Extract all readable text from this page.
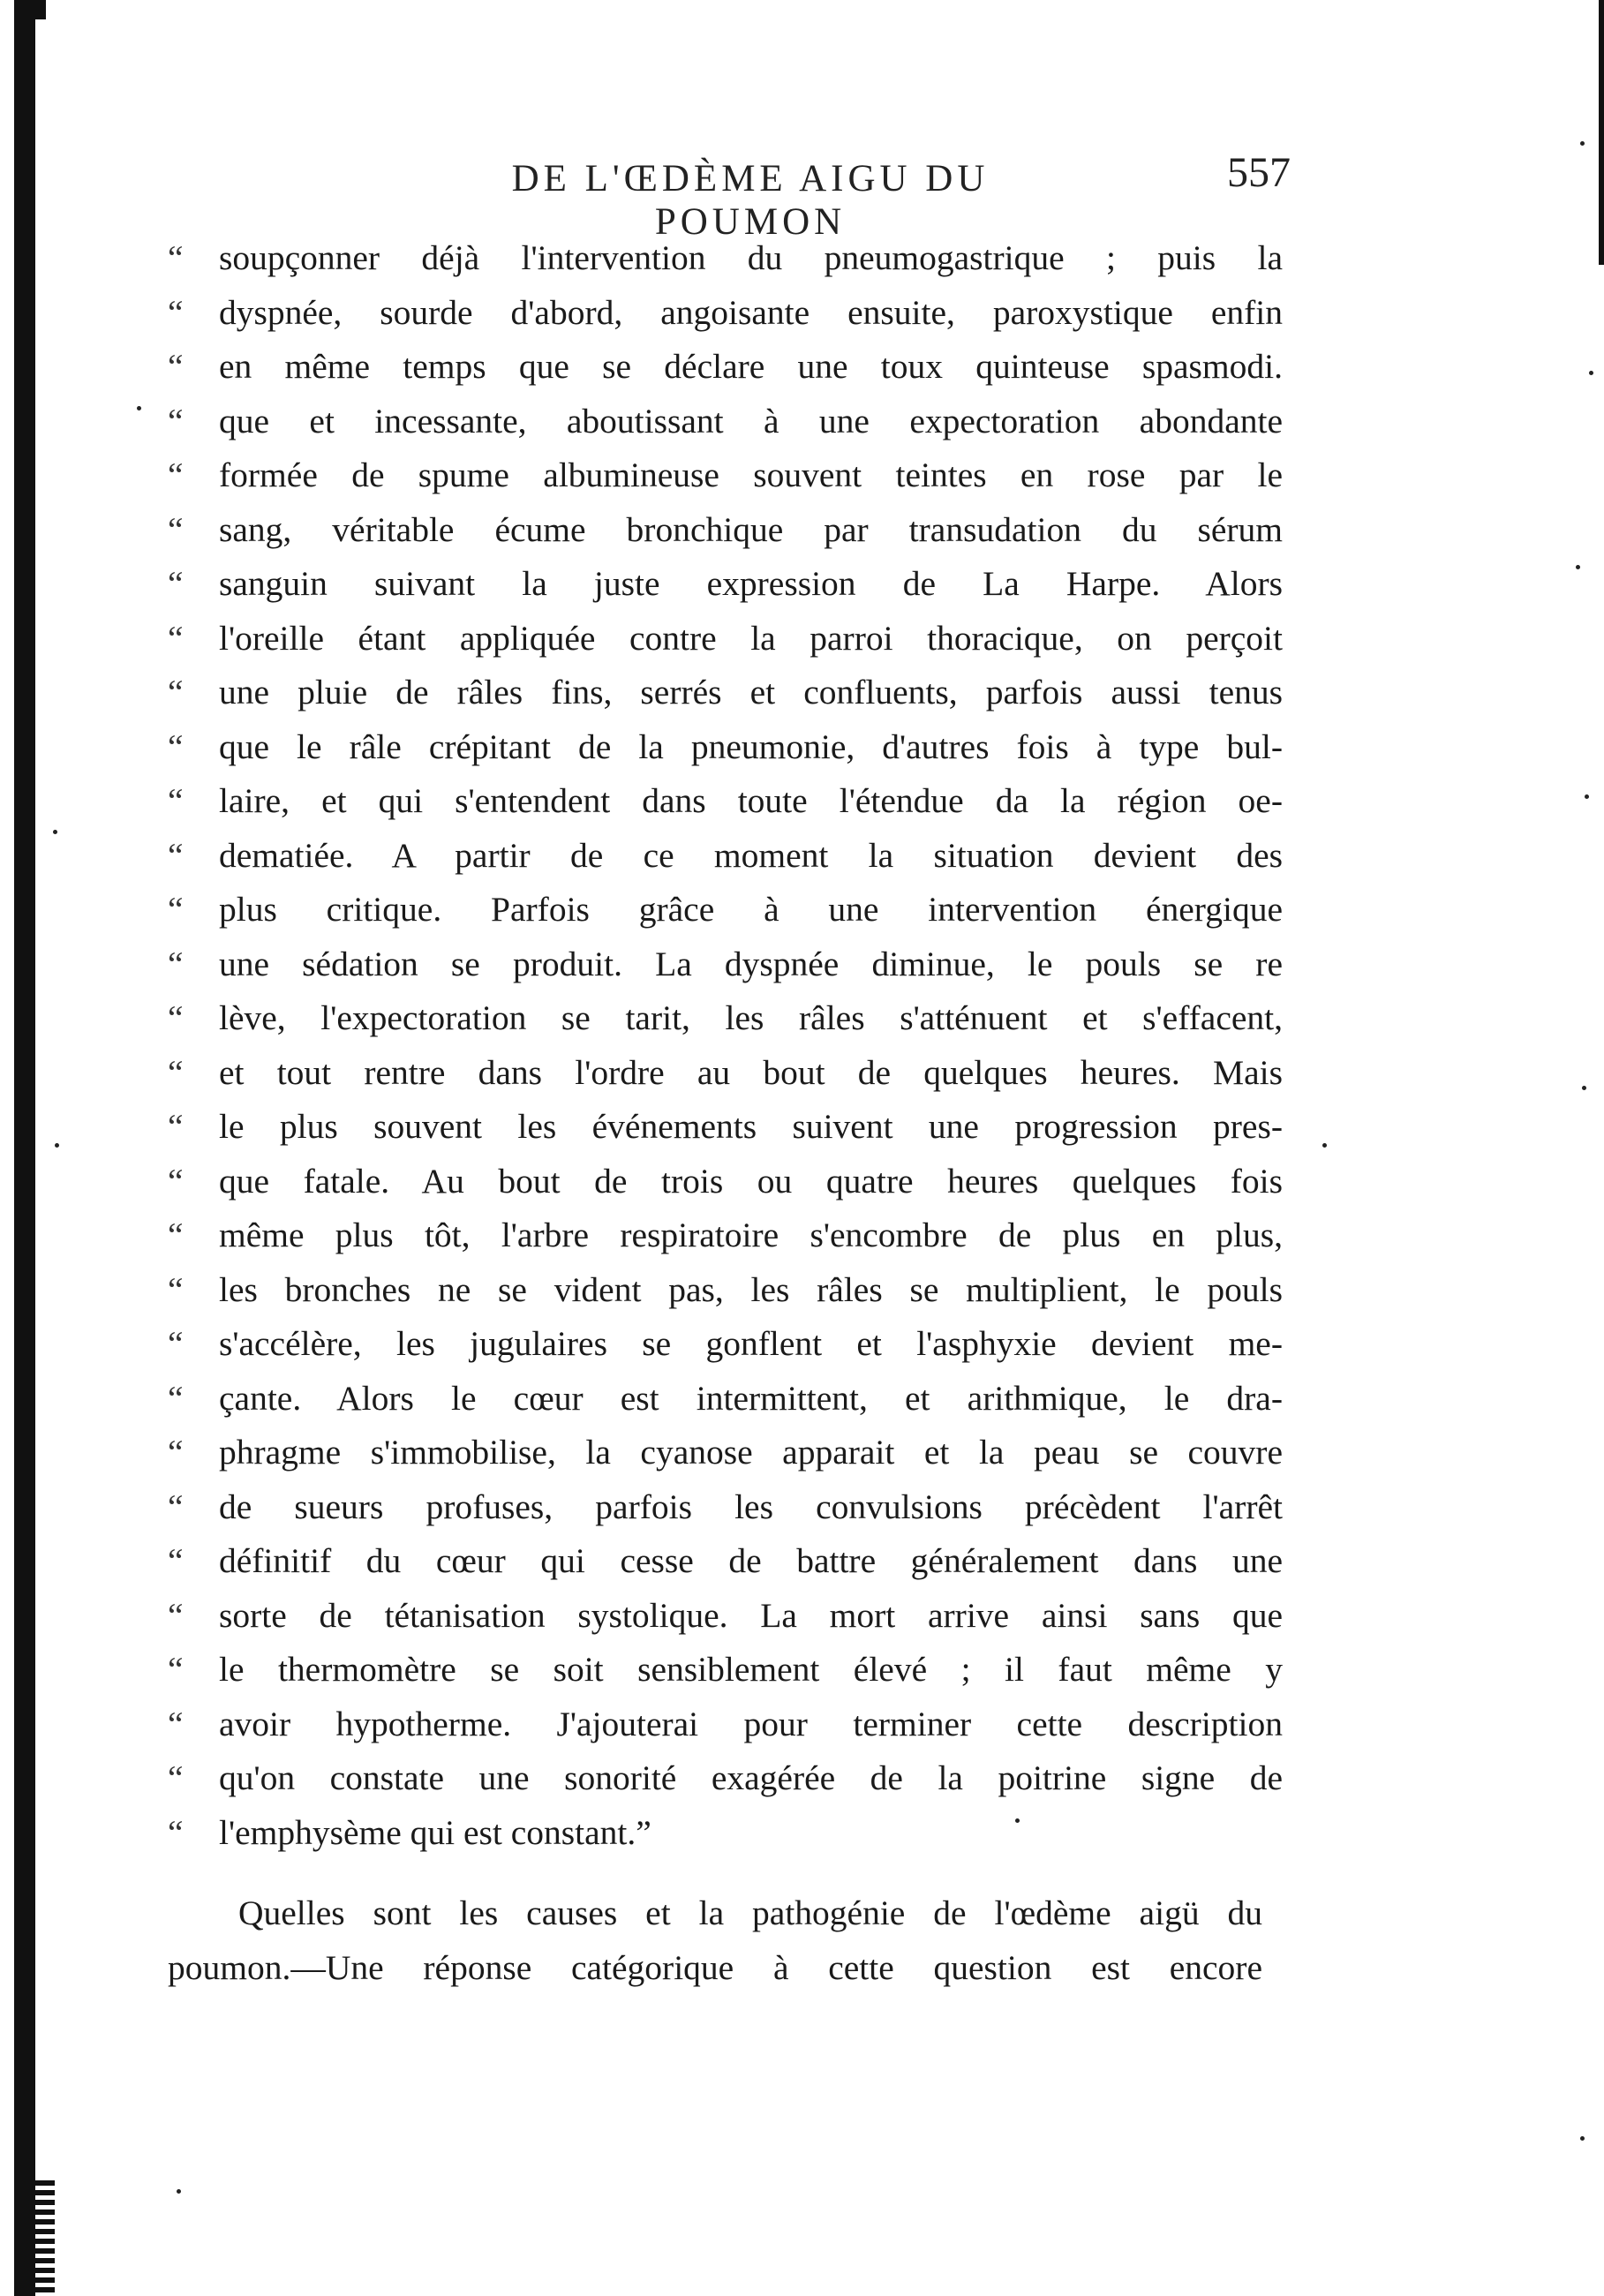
DE L'ŒDÈME AIGU DU POUMON
557
“ soupçonner déjà l'intervention du pneumogastrique ; puis la
“ dyspnée, sourde d'abord, angoisante ensuite, paroxystique enfin
“ en même temps que se déclare une toux quinteuse spasmodi.
“ que et incessante, aboutissant à une expectoration abondante
“ formée de spume albumineuse souvent teintes en rose par le
“ sang, véritable écume bronchique par transudation du sérum
“ sanguin suivant la juste expression de La Harpe. Alors
“ l'oreille étant appliquée contre la parroi thoracique, on perçoit
“ une pluie de râles fins, serrés et confluents, parfois aussi tenus
“ que le râle crépitant de la pneumonie, d'autres fois à type bul-
“ laire, et qui s'entendent dans toute l'étendue da la région oe-
“ dematiée. A partir de ce moment la situation devient des
“ plus critique. Parfois grâce à une intervention énergique
“ une sédation se produit. La dyspnée diminue, le pouls se re
“ lève, l'expectoration se tarit, les râles s'atténuent et s'effacent,
“ et tout rentre dans l'ordre au bout de quelques heures. Mais
“ le plus souvent les événements suivent une progression pres-
“ que fatale. Au bout de trois ou quatre heures quelques fois
“ même plus tôt, l'arbre respiratoire s'encombre de plus en plus,
“ les bronches ne se vident pas, les râles se multiplient, le pouls
“ s'accélère, les jugulaires se gonflent et l'asphyxie devient me-
“ çante. Alors le cœur est intermittent, et arithmique, le dra-
“ phragme s'immobilise, la cyanose apparait et la peau se couvre
“ de sueurs profuses, parfois les convulsions précèdent l'arrêt
“ définitif du cœur qui cesse de battre généralement dans une
“ sorte de tétanisation systolique. La mort arrive ainsi sans que
“ le thermomètre se soit sensiblement élevé ; il faut même y
“ avoir hypotherme. J'ajouterai pour terminer cette description
“ qu'on constate une sonorité exagérée de la poitrine signe de
“ l'emphysème qui est constant.”
Quelles sont les causes et la pathogénie de l'œdème aigü du
poumon.—Une réponse catégorique à cette question est encore
